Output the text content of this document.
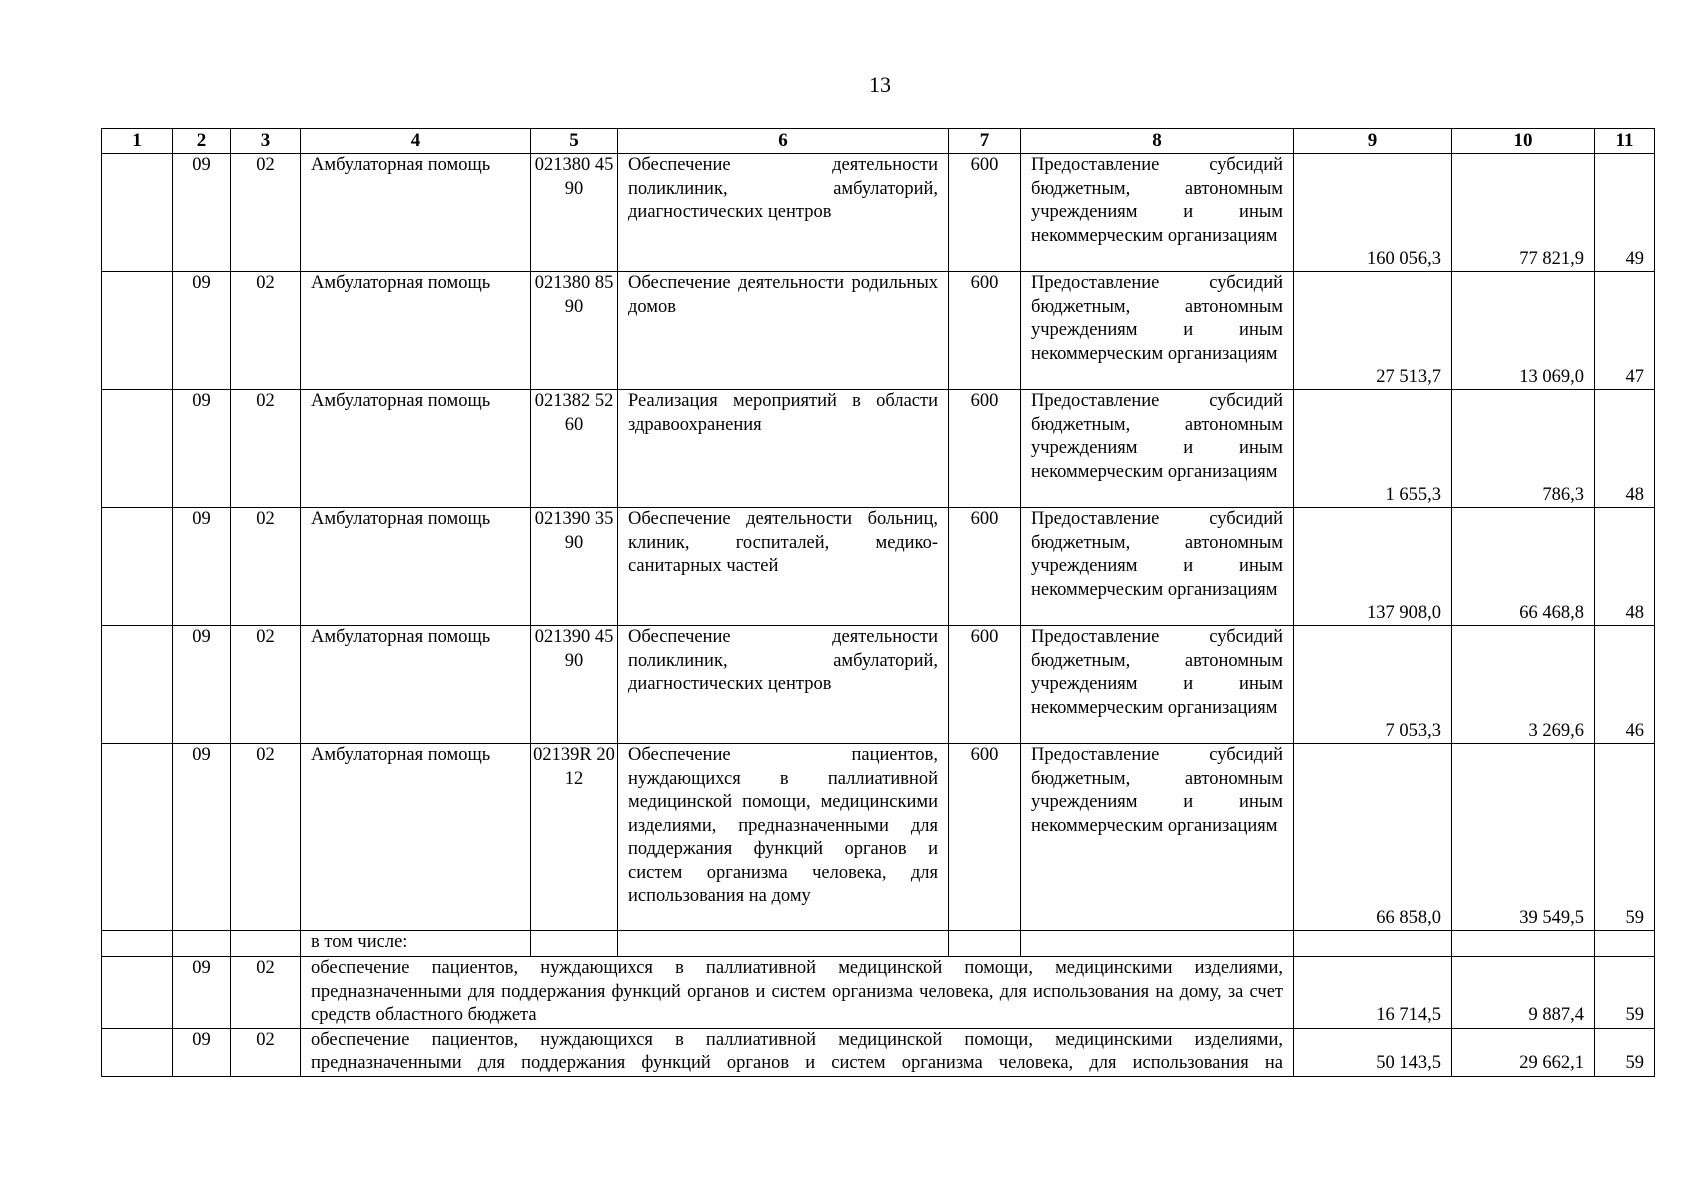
13
1	2	3	4	5	6	7	8	9	10	11
	09	02	Амбулаторная помощь	021380 4590	Обеспечение деятельности поликлиник, амбулаторий, диагностических центров	600	Предоставление субсидий бюджетным, автономным учреждениям и иным некоммерческим организациям	160 056,3	77 821,9	49
	09	02	Амбулаторная помощь	021380 8590	Обеспечение деятельности родильных домов	600	Предоставление субсидий бюджетным, автономным учреждениям и иным некоммерческим организациям	27 513,7	13 069,0	47
	09	02	Амбулаторная помощь	021382 5260	Реализация мероприятий в области здравоохранения	600	Предоставление субсидий бюджетным, автономным учреждениям и иным некоммерческим организациям	1 655,3	786,3	48
	09	02	Амбулаторная помощь	021390 3590	Обеспечение деятельности больниц, клиник, госпиталей, медико-санитарных частей	600	Предоставление субсидий бюджетным, автономным учреждениям и иным некоммерческим организациям	137 908,0	66 468,8	48
	09	02	Амбулаторная помощь	021390 4590	Обеспечение деятельности поликлиник, амбулаторий, диагностических центров	600	Предоставление субсидий бюджетным, автономным учреждениям и иным некоммерческим организациям	7 053,3	3 269,6	46
	09	02	Амбулаторная помощь	02139R 2012	Обеспечение пациентов, нуждающихся в паллиативной медицинской помощи, медицинскими изделиями, предназначенными для поддержания функций органов и систем организма человека, для использования на дому	600	Предоставление субсидий бюджетным, автономным учреждениям и иным некоммерческим организациям	66 858,0	39 549,5	59
			в том числе:							
	09	02	обеспечение пациентов, нуждающихся в паллиативной медицинской помощи, медицинскими изделиями, предназначенными для поддержания функций органов и систем организма человека, для использования на дому, за счет средств областного бюджета					16 714,5	9 887,4	59
	09	02	обеспечение пациентов, нуждающихся в паллиативной медицинской помощи, медицинскими изделиями, предназначенными для поддержания функций органов и систем организма человека, для использования на					50 143,5	29 662,1	59
